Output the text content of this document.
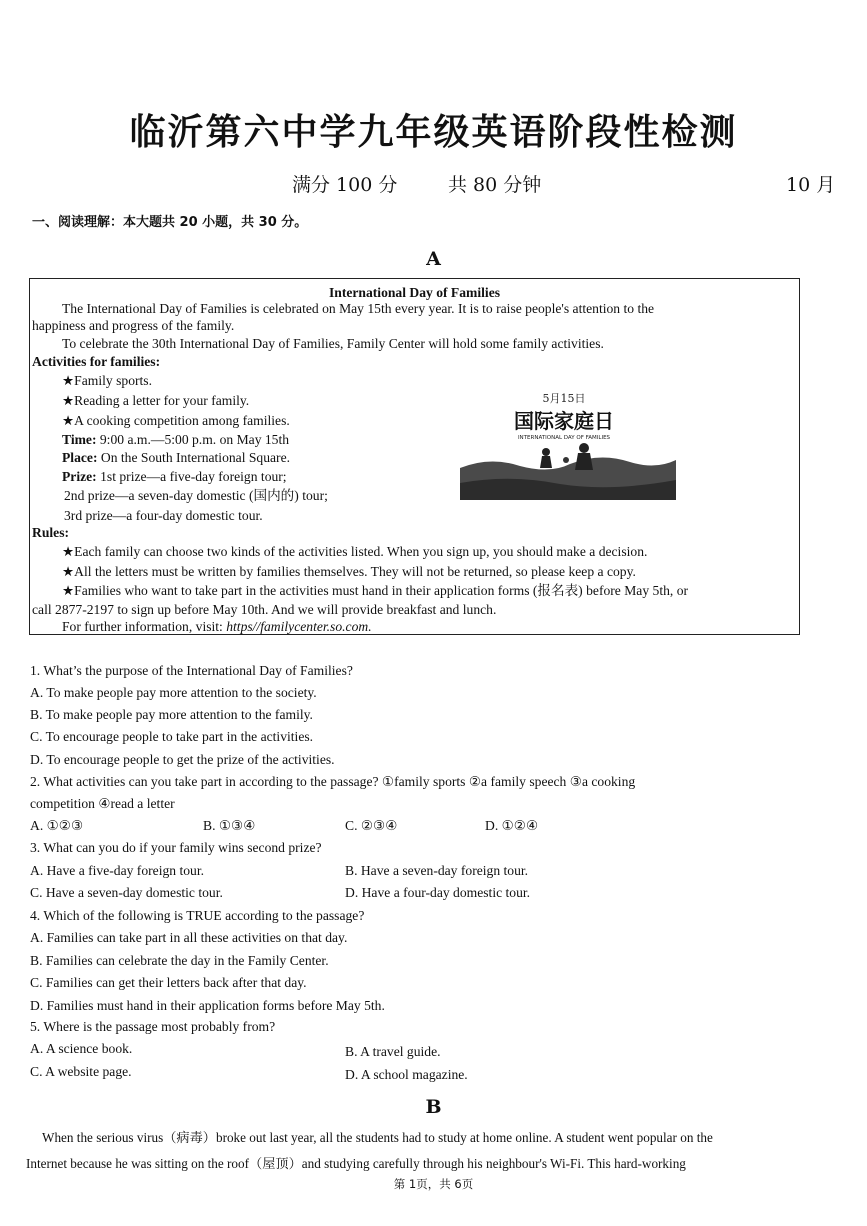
临沂第六中学九年级英语阶段性检测
满分 100 分	共 80 分钟	10 月
一、阅读理解：本大题共 20 小题，共 30 分。
A
International Day of Families
The International Day of Families is celebrated on May 15th every year. It is to raise people's attention to the
happiness and progress of the family.
To celebrate the 30th International Day of Families, Family Center will hold some family activities.
Activities for families:
★Family sports.
★Reading a letter for your family.
★A cooking competition among families.
Time: 9:00 a.m.—5:00 p.m. on May 15th
Place: On the South International Square.
Prize: 1st prize—a five-day foreign tour;
2nd prize—a seven-day domestic (国内的) tour;
3rd prize—a four-day domestic tour.
Rules:
★Each family can choose two kinds of the activities listed. When you sign up, you should make a decision.
★All the letters must be written by families themselves. They will not be returned, so please keep a copy.
★Families who want to take part in the activities must hand in their application forms (报名表) before May 5th, or
call 2877-2197 to sign up before May 10th. And we will provide breakfast and lunch.
For further information, visit: https//familycenter.so.com.
5月15日
国际家庭日
INTERNATIONAL DAY OF FAMILIES
1. What’s the purpose of the International Day of Families?
A. To make people pay more attention to the society.
B. To make people pay more attention to the family.
C. To encourage people to take part in the activities.
D. To encourage people to get the prize of the activities.
2. What activities can you take part in according to the passage? ①family sports ②a family speech ③a cooking
competition ④read a letter
A. ①②③	B. ①③④	C. ②③④	D. ①②④
3. What can you do if your family wins second prize?
A. Have a five-day foreign tour.	B. Have a seven-day foreign tour.
C. Have a seven-day domestic tour.	D. Have a four-day domestic tour.
4. Which of the following is TRUE according to the passage?
A. Families can take part in all these activities on that day.
B. Families can celebrate the day in the Family Center.
C. Families can get their letters back after that day.
D. Families must hand in their application forms before May 5th.
5. Where is the passage most probably from?
A. A science book.	B. A travel guide.
C. A website page.	D. A school magazine.
B
When the serious virus（病毒）broke out last year, all the students had to study at home online. A student went popular on the
Internet because he was sitting on the roof（屋顶）and studying carefully through his neighbour's Wi-Fi. This hard-working
第 1页，共 6页
